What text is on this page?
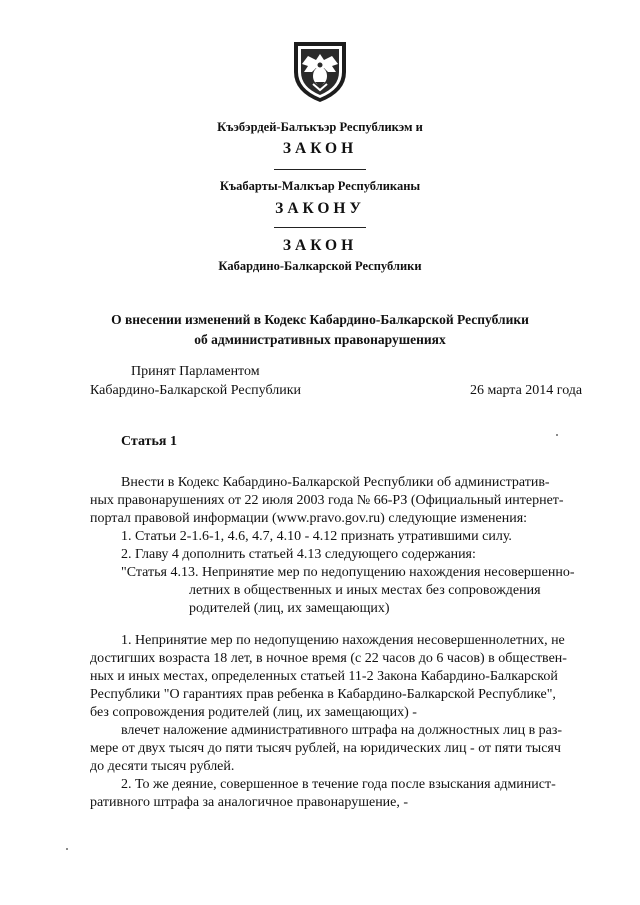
Къэбэрдей-Балъкъэр Республикэм и
ЗАКОН
Къабарты-Малкъар Республиканы
ЗАКОНУ
ЗАКОН
Кабардино-Балкарской Республики
О внесении изменений в Кодекс Кабардино-Балкарской Республики
об административных правонарушениях
Принят Парламентом
Кабардино-Балкарской Республики	26 марта 2014 года
Статья 1
Внести в Кодекс Кабардино-Балкарской Республики об административ-
ных правонарушениях от 22 июля 2003 года № 66-РЗ (Официальный интернет-
портал правовой информации (www.pravo.gov.ru) следующие изменения:
1. Статьи 2-1.6-1, 4.6, 4.7, 4.10 - 4.12 признать утратившими силу.
2. Главу 4 дополнить статьей 4.13 следующего содержания:
"Статья 4.13. Непринятие мер по недопущению нахождения несовершенно-
летних в общественных и иных местах без сопровождения
родителей (лиц, их замещающих)
1. Непринятие мер по недопущению нахождения несовершеннолетних, не
достигших возраста 18 лет, в ночное время (с 22 часов до 6 часов) в обществен-
ных и иных местах, определенных статьей 11-2 Закона Кабардино-Балкарской
Республики "О гарантиях прав ребенка в Кабардино-Балкарской Республике",
без сопровождения родителей (лиц, их замещающих) -
влечет наложение административного штрафа на должностных лиц в раз-
мере от двух тысяч до пяти тысяч рублей, на юридических лиц - от пяти тысяч
до десяти тысяч рублей.
2. То же деяние, совершенное в течение года после взыскания админист-
ративного штрафа за аналогичное правонарушение, -
